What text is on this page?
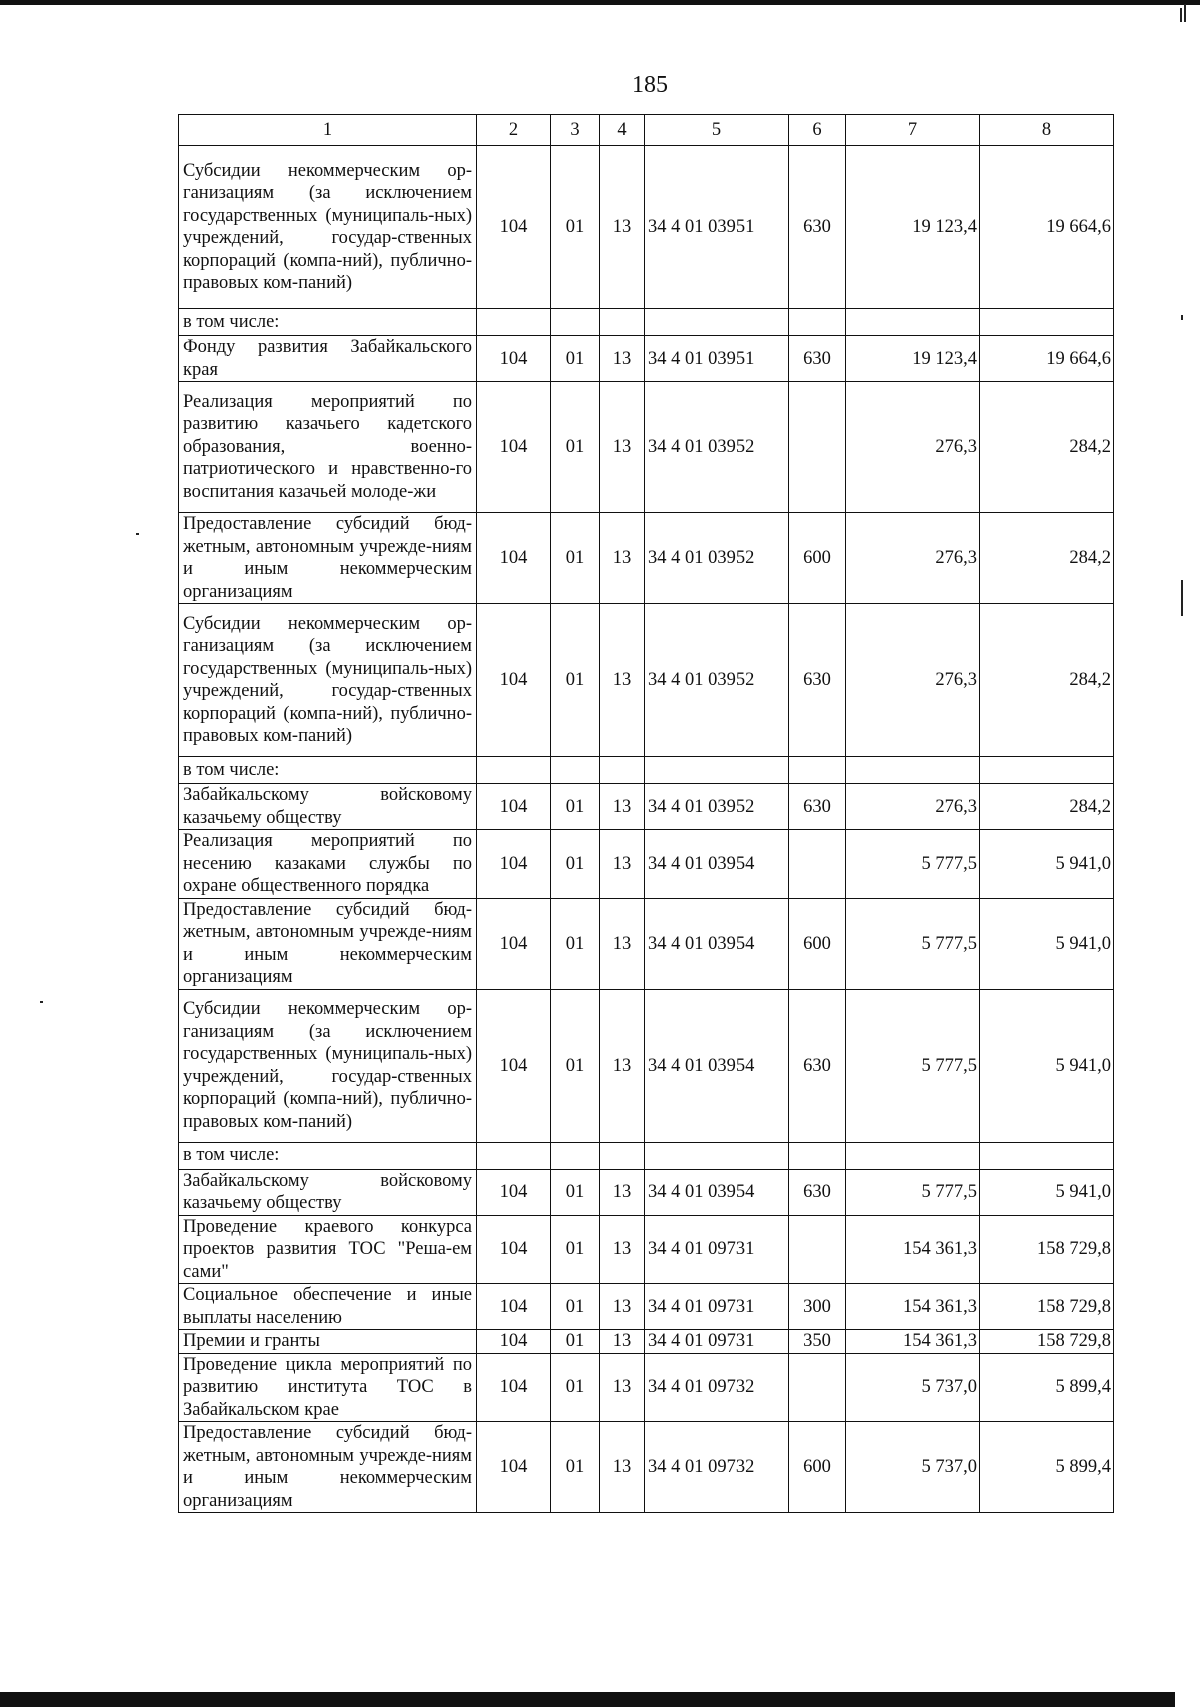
185
1	2	3	4	5	6	7	8
Субсидии некоммерческим ор-ганизациям (за исключением государственных (муниципаль-ных) учреждений, государ-ственных корпораций (компа-ний), публично-правовых ком-паний)	104	01	13	34 4 01 03951	630	19 123,4	19 664,6
в том числе:							
Фонду развития Забайкальского края	104	01	13	34 4 01 03951	630	19 123,4	19 664,6
Реализация мероприятий по развитию казачьего кадетского образования, военно-патриотического и нравственно-го воспитания казачьей молоде-жи	104	01	13	34 4 01 03952		276,3	284,2
Предоставление субсидий бюд-жетным, автономным учрежде-ниям и иным некоммерческим организациям	104	01	13	34 4 01 03952	600	276,3	284,2
Субсидии некоммерческим ор-ганизациям (за исключением государственных (муниципаль-ных) учреждений, государ-ственных корпораций (компа-ний), публично-правовых ком-паний)	104	01	13	34 4 01 03952	630	276,3	284,2
в том числе:							
Забайкальскому войсковому казачьему обществу	104	01	13	34 4 01 03952	630	276,3	284,2
Реализация мероприятий по несению казаками службы по охране общественного порядка	104	01	13	34 4 01 03954		5 777,5	5 941,0
Предоставление субсидий бюд-жетным, автономным учрежде-ниям и иным некоммерческим организациям	104	01	13	34 4 01 03954	600	5 777,5	5 941,0
Субсидии некоммерческим ор-ганизациям (за исключением государственных (муниципаль-ных) учреждений, государ-ственных корпораций (компа-ний), публично-правовых ком-паний)	104	01	13	34 4 01 03954	630	5 777,5	5 941,0
в том числе:							
Забайкальскому войсковому казачьему обществу	104	01	13	34 4 01 03954	630	5 777,5	5 941,0
Проведение краевого конкурса проектов развития ТОС "Реша-ем сами"	104	01	13	34 4 01 09731		154 361,3	158 729,8
Социальное обеспечение и иные выплаты населению	104	01	13	34 4 01 09731	300	154 361,3	158 729,8
Премии и гранты	104	01	13	34 4 01 09731	350	154 361,3	158 729,8
Проведение цикла мероприятий по развитию института ТОС в Забайкальском крае	104	01	13	34 4 01 09732		5 737,0	5 899,4
Предоставление субсидий бюд-жетным, автономным учрежде-ниям и иным некоммерческим организациям	104	01	13	34 4 01 09732	600	5 737,0	5 899,4
